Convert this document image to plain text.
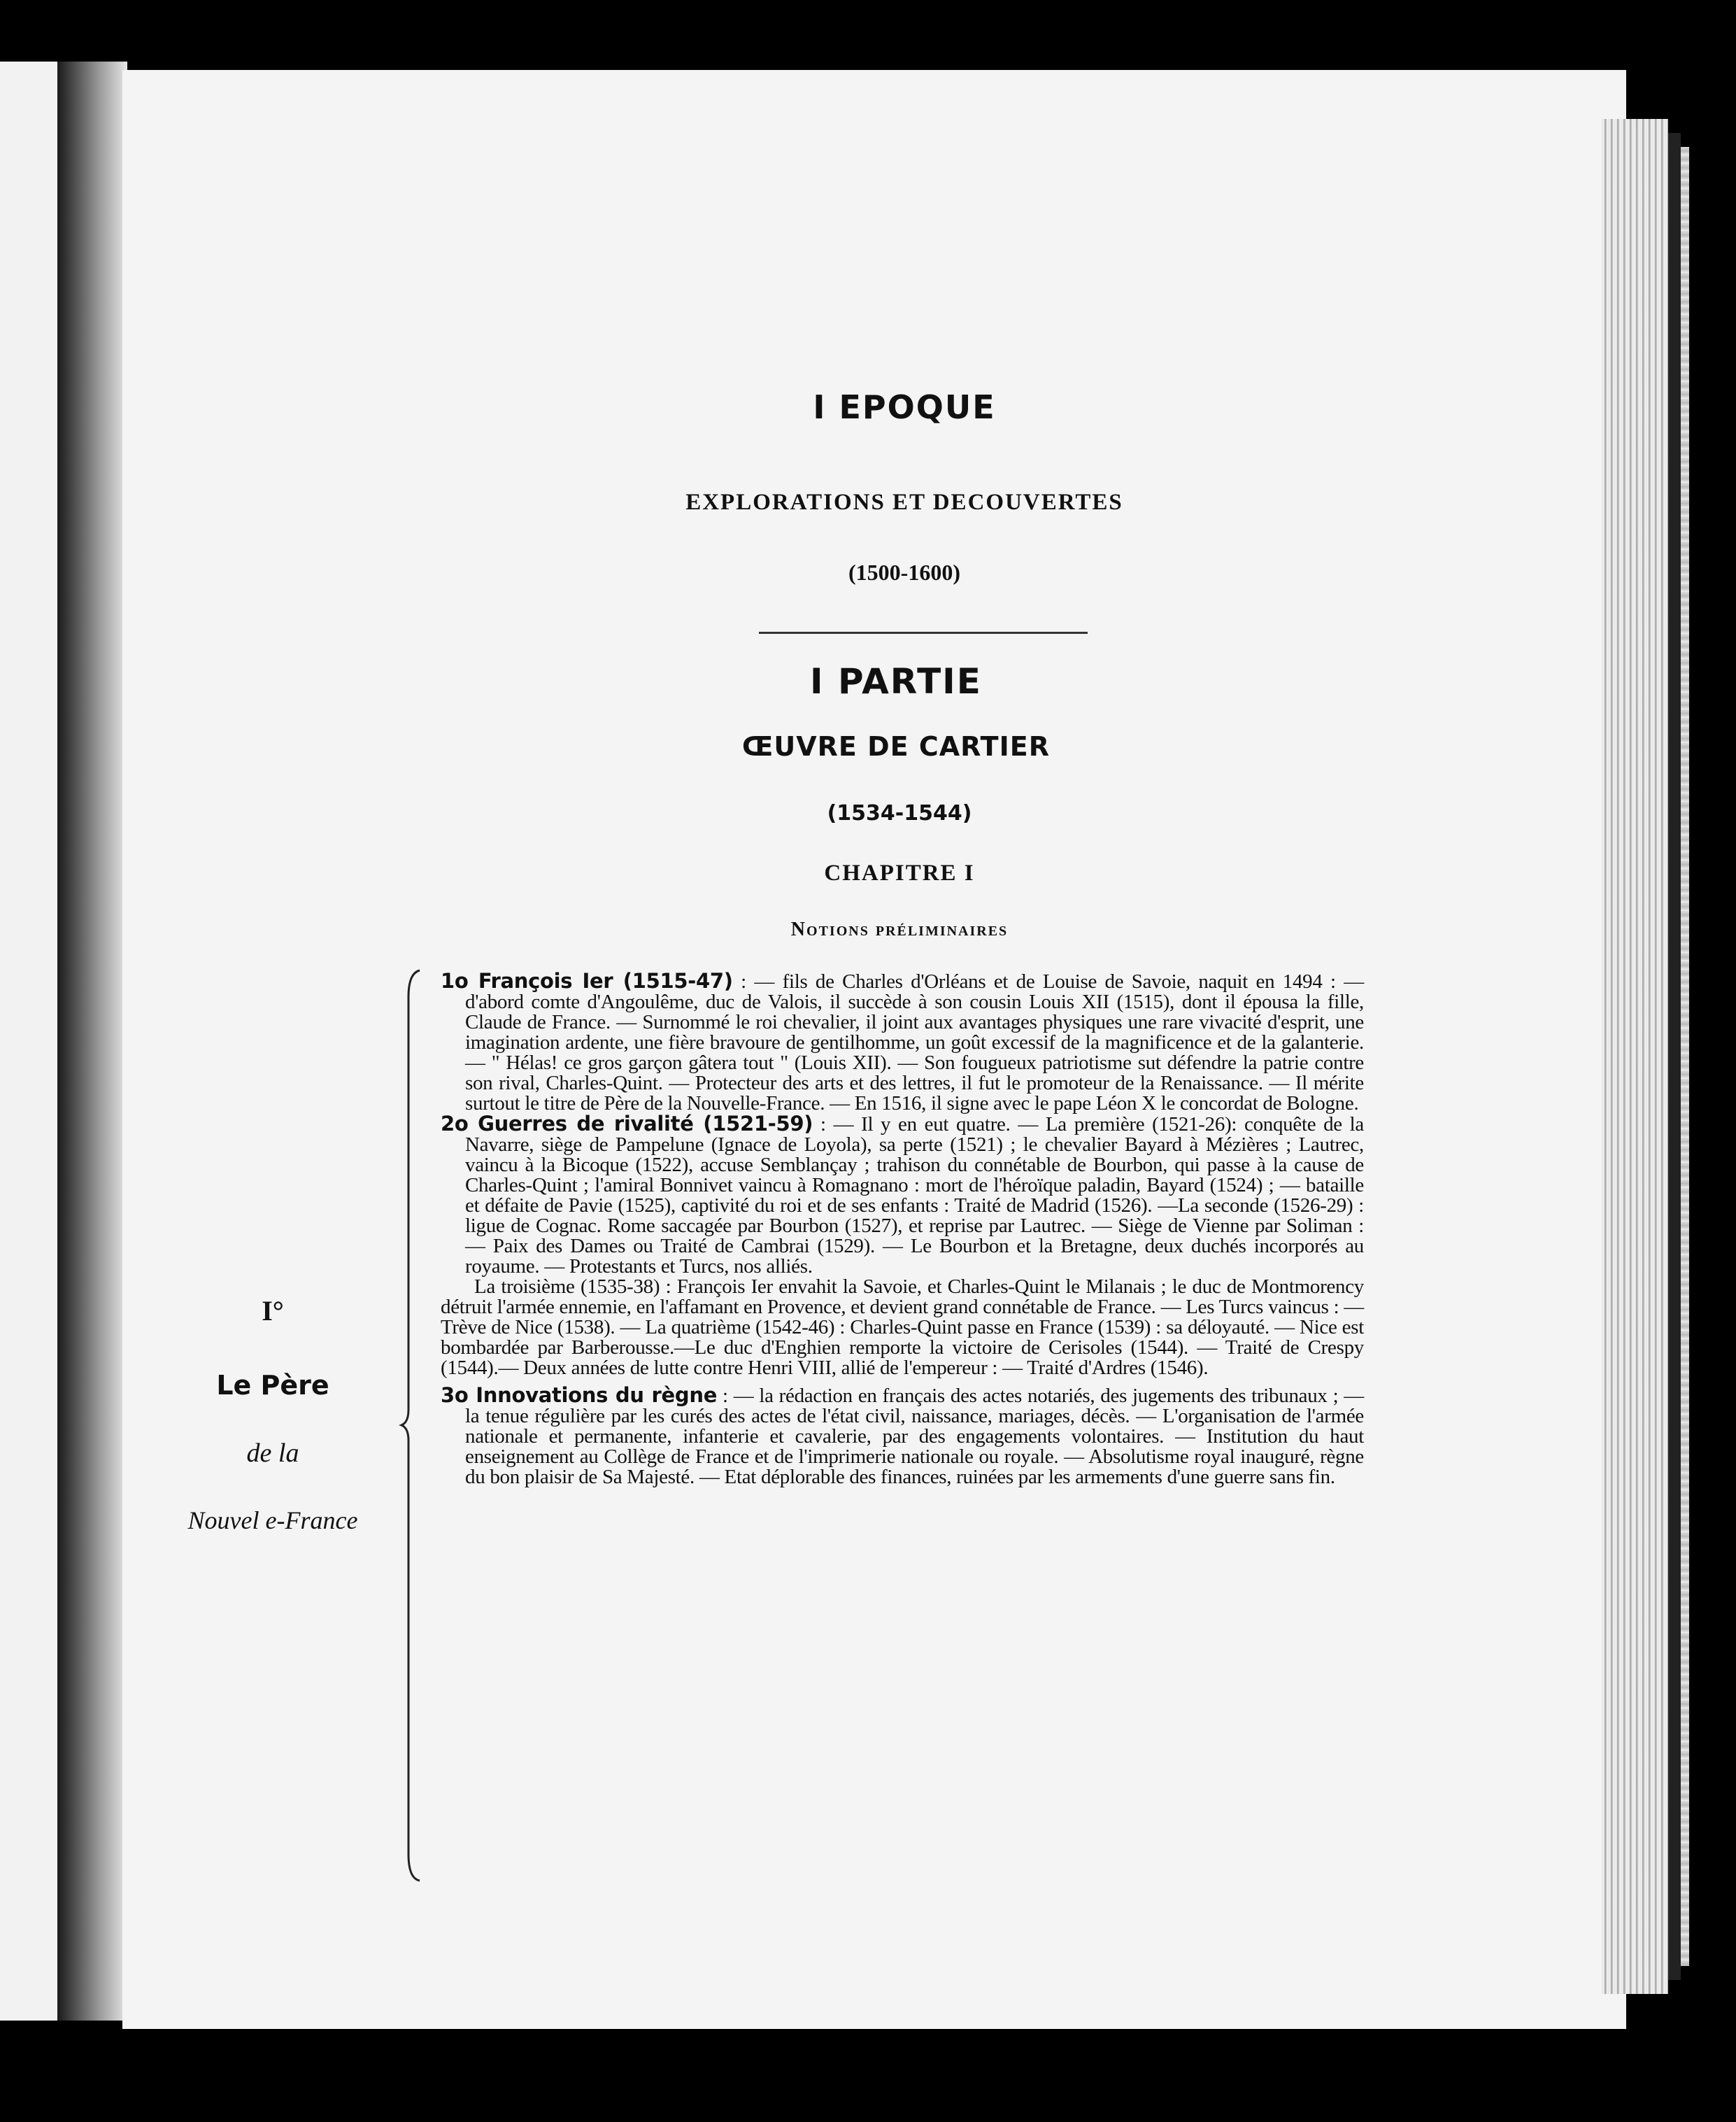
I EPOQUE
EXPLORATIONS ET DECOUVERTES
(1500-1600)
I PARTIE
ŒUVRE DE CARTIER
(1534-1544)
CHAPITRE I
Notions préliminaires
I°
Le Père
de la
Nouvel e-France

1o François Ier (1515-47) : — fils de Charles d'Orléans et de Louise de Savoie, naquit en 1494 : — d'abord comte d'Angoulême, duc de Valois, il succède à son cousin Louis XII (1515), dont il épousa la fille, Claude de France. — Surnommé le roi chevalier, il joint aux avantages physiques une rare vivacité d'esprit, une imagination ardente, une fière bravoure de gentilhomme, un goût excessif de la magnificence et de la galanterie. — " Hélas! ce gros garçon gâtera tout " (Louis XII). — Son fougueux patriotisme sut défendre la patrie contre son rival, Charles-Quint. — Protecteur des arts et des lettres, il fut le promoteur de la Renaissance. — Il mérite surtout le titre de Père de la Nouvelle-France. — En 1516, il signe avec le pape Léon X le concordat de Bologne.

2o Guerres de rivalité (1521-59) : — Il y en eut quatre. — La première (1521-26): conquête de la Navarre, siège de Pampelune (Ignace de Loyola), sa perte (1521) ; le chevalier Bayard à Mézières ; Lautrec, vaincu à la Bicoque (1522), accuse Semblançay ; trahison du connétable de Bourbon, qui passe à la cause de Charles-Quint ; l'amiral Bonnivet vaincu à Romagnano : mort de l'héroïque paladin, Bayard (1524) ; — bataille et défaite de Pavie (1525), captivité du roi et de ses enfants : Traité de Madrid (1526). —La seconde (1526-29) : ligue de Cognac. Rome saccagée par Bourbon (1527), et reprise par Lautrec. — Siège de Vienne par Soliman : — Paix des Dames ou Traité de Cambrai (1529). — Le Bourbon et la Bretagne, deux duchés incorporés au royaume. — Protestants et Turcs, nos alliés.

La troisième (1535-38) : François Ier envahit la Savoie, et Charles-Quint le Milanais ; le duc de Montmorency détruit l'armée ennemie, en l'affamant en Provence, et devient grand connétable de France. — Les Turcs vaincus : — Trève de Nice (1538). — La quatrième (1542-46) : Charles-Quint passe en France (1539) : sa déloyauté. — Nice est bombardée par Barberousse.—Le duc d'Enghien remporte la victoire de Cerisoles (1544). — Traité de Crespy (1544).— Deux années de lutte contre Henri VIII, allié de l'empereur : — Traité d'Ardres (1546).

3o Innovations du règne : — la rédaction en français des actes notariés, des jugements des tribunaux ; — la tenue régulière par les curés des actes de l'état civil, naissance, mariages, décès. — L'organisation de l'armée nationale et permanente, infanterie et cavalerie, par des engagements volontaires. — Institution du haut enseignement au Collège de France et de l'imprimerie nationale ou royale. — Absolutisme royal inauguré, règne du bon plaisir de Sa Majesté. — Etat déplorable des finances, ruinées par les armements d'une guerre sans fin.
